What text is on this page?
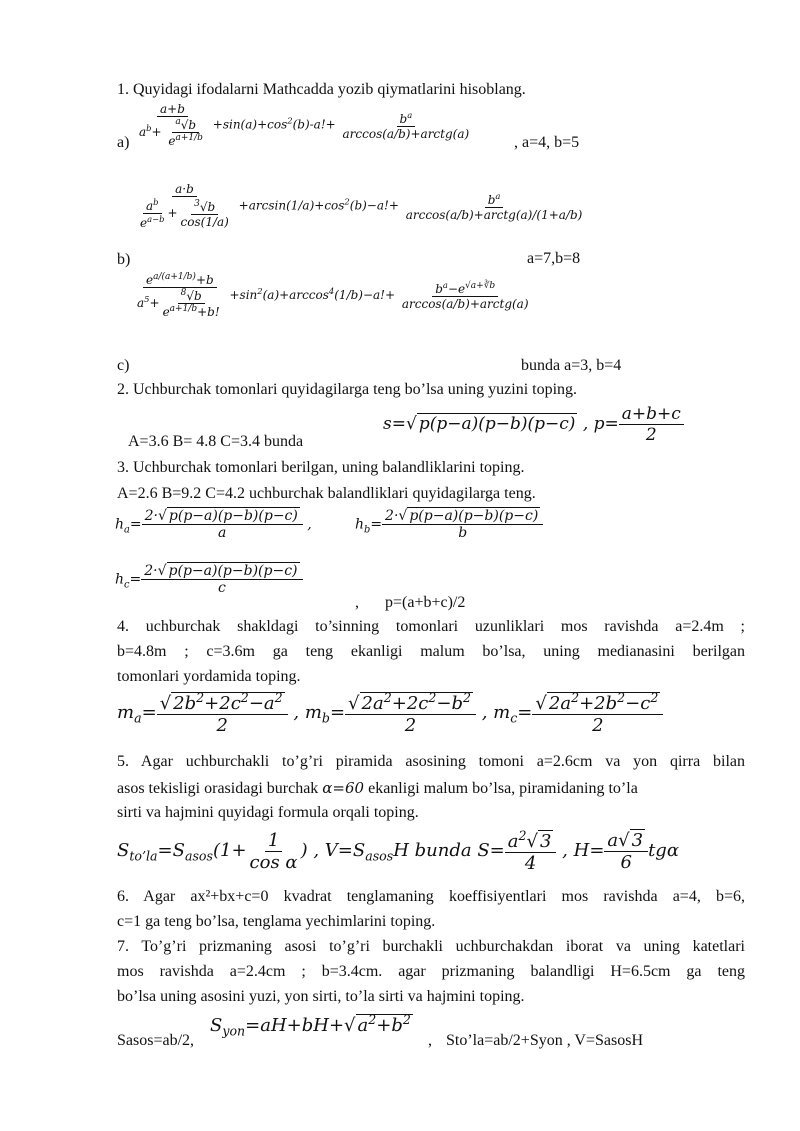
1. Quyidagi ifodalarni Mathcadda yozib qiymatlarini hisoblang.
a)
a+b
$a^b+ \frac{^a√b}{e^{a+1/b}} +\sin(a)+\cos^2(b)-a!+$	$b^a$
arccos(a/b)+arctg(a)
, a=4, b=5
a·b
$\frac{a^b}{e^{a-b}} + \frac{^3√b}{\cos(1/a)} +\arcsin(1/a)+\cos^2(b)-a!+$	$b^a$
arccos(a/b)+arctg(a)/(1+a/b)
b)	a=7,b=8
$e^{a/(a+1/b)}+b$
$a^5+ \frac{^8√b}{e^{a+1/b}+b!} +\sin^2(a)+\arccos^4(1/b)-a!+$	$b^a-e^{√a+∛b}$
arccos(a/b)+arctg(a)
c)	bunda a=3, b=4
2. Uchburchak tomonlari quyidagilarga teng bo’lsa uning yuzini toping.
A=3.6 B= 4.8 C=3.4 bunda
s=√ p(p−a)(p−b)(p−c) , $p= \frac{a+b+c}{2}$
3. Uchburchak tomonlari berilgan, uning balandliklarini toping.
A=2.6 B=9.2 C=4.2 uchburchak balandliklari quyidagilarga teng.
$h_a= \frac{2\cdot√ p(p-a)(p-b)(p-c)}{a}$ ,	$h_b= \frac{2\cdot√ p(p-a)(p-b)(p-c)}{b}$
$h_c= \frac{2\cdot√ p(p-a)(p-b)(p-c)}{c}$
, p=(a+b+c)/2
4. uchburchak shakldagi to’sinning tomonlari uzunliklari mos ravishda a=2.4m ;
b=4.8m ; c=3.6m ga teng ekanligi malum bo’lsa, uning medianasini berilgan
tomonlari yordamida toping.
$m_a= \frac{√ 2b^2+2c^2-a^2}{2}$ , $m_b= \frac{√ 2a^2+2c^2-b^2}{2}$ , $m_c= \frac{√ 2a^2+2b^2-c^2}{2}$
5. Agar uchburchakli to’g’ri piramida asosining tomoni a=2.6cm va yon qirra bilan
asos tekisligi orasidagi burchak α=60 ekanligi malum bo’lsa, piramidaning to’la
sirti va hajmini quyidagi formula orqali toping.
$S_{to’la}=S_{asos}(1+ \frac{1}{\text{cos α}}$ ) , $V=S_{asos}H$ bunda $S= \frac{a^2√ 3}{4}$ , $H= \frac{a√ 3}{6}$ tgα
6. Agar ax²+bx+c=0 kvadrat tenglamaning koeffisiyentlari mos ravishda a=4, b=6,
c=1 ga teng bo’lsa, tenglama yechimlarini toping.
7. To’g’ri prizmaning asosi to’g’ri burchakli uchburchakdan iborat va uning katetlari
mos ravishda a=2.4cm ; b=3.4cm. agar prizmaning balandligi H=6.5cm ga teng
bo’lsa uning asosini yuzi, yon sirti, to’la sirti va hajmini toping.
Sasos=ab/2,
$S_{yon}=aH+bH+√$ $a^2+b^2$
, Sto’la=ab/2+Syon , V=SasosH
